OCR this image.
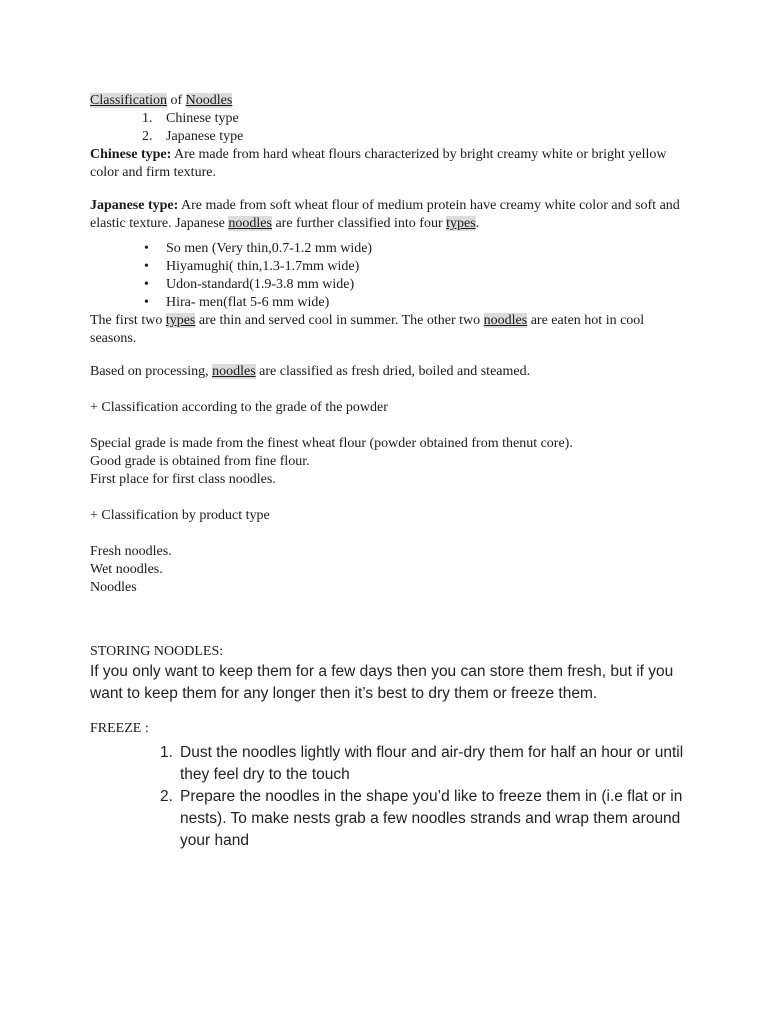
Classification of Noodles

1. Chinese type
2. Japanese type

Chinese type: Are made from hard wheat flours characterized by bright creamy white or bright yellow color and firm texture.

Japanese type: Are made from soft wheat flour of medium protein have creamy white color and soft and elastic texture. Japanese noodles are further classified into four types.

• So men (Very thin,0.7-1.2 mm wide)
• Hiyamughi( thin,1.3-1.7mm wide)
• Udon-standard(1.9-3.8 mm wide)
• Hira- men(flat 5-6 mm wide)

The first two types are thin and served cool in summer. The other two noodles are eaten hot in cool seasons.

Based on processing, noodles are classified as fresh dried, boiled and steamed.

+ Classification according to the grade of the powder

Special grade is made from the finest wheat flour (powder obtained from thenut core).

Good grade is obtained from fine flour.

First place for first class noodles.

+ Classification by product type

Fresh noodles.

Wet noodles.

Noodles

STORING NOODLES:

If you only want to keep them for a few days then you can store them fresh, but if you want to keep them for any longer then it’s best to dry them or freeze them.

FREEZE :

1. Dust the noodles lightly with flour and air-dry them for half an hour or until they feel dry to the touch
2. Prepare the noodles in the shape you’d like to freeze them in (i.e flat or in nests). To make nests grab a few noodles strands and wrap them around your hand
